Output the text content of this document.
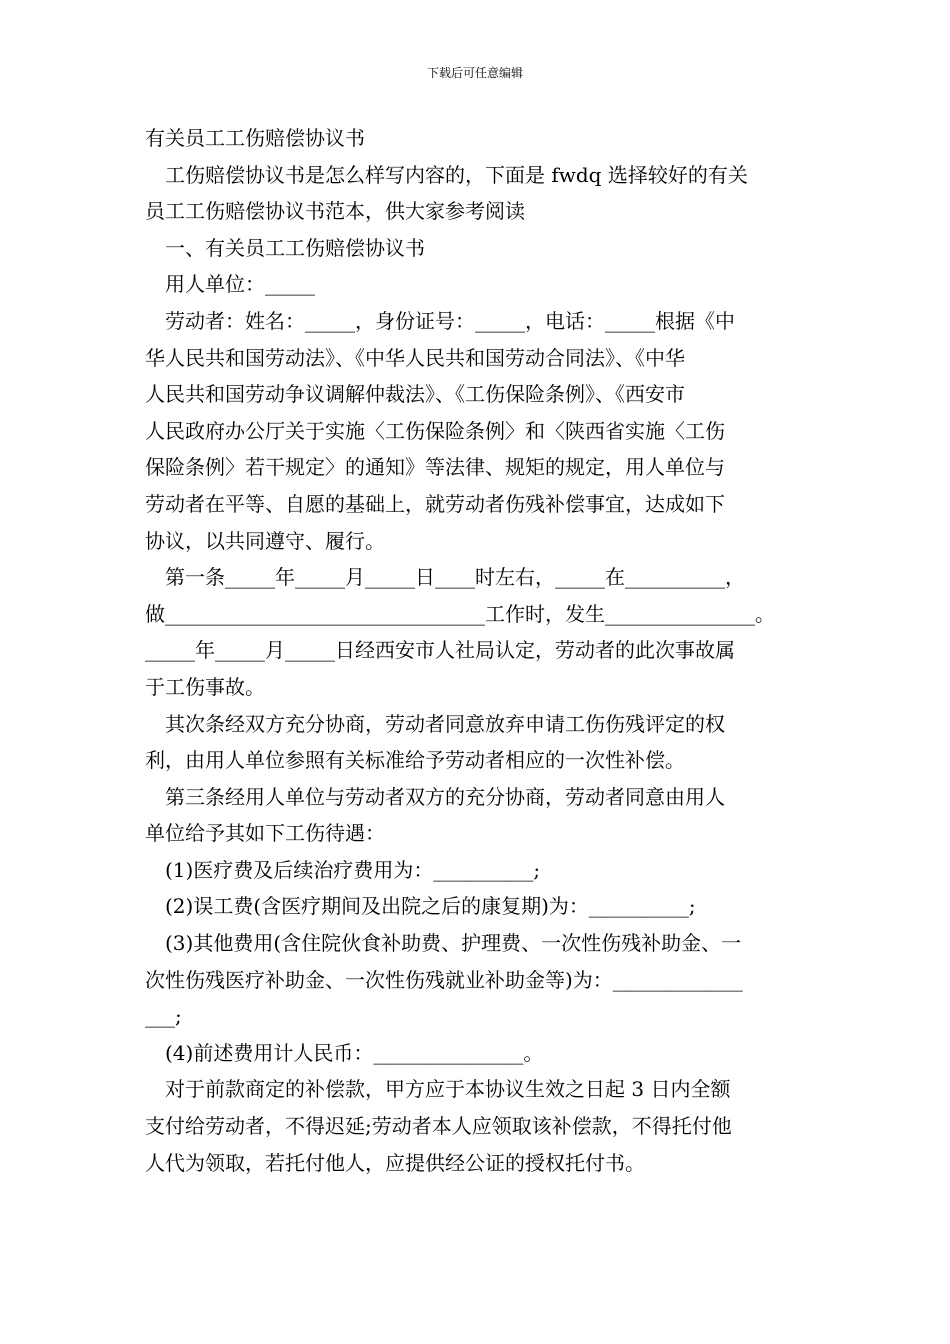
下载后可任意编辑

有关员工工伤赔偿协议书

工伤赔偿协议书是怎么样写内容的，下面是 fwdq 选择较好的有关

员工工伤赔偿协议书范本，供大家参考阅读

一、有关员工工伤赔偿协议书

用人单位：_____

劳动者：姓名：_____，身份证号：_____，电话：_____根据《中

华人民共和国劳动法》、《中华人民共和国劳动合同法》、《中华

人民共和国劳动争议调解仲裁法》、《工伤保险条例》、《西安市

人民政府办公厅关于实施〈工伤保险条例〉和〈陕西省实施〈工伤

保险条例〉若干规定〉的通知》等法律、规矩的规定，用人单位与

劳动者在平等、自愿的基础上，就劳动者伤残补偿事宜，达成如下

协议，以共同遵守、履行。

第一条_____年_____月_____日____时左右，_____在__________，

做________________________________工作时，发生_______________。

_____年_____月_____日经西安市人社局认定，劳动者的此次事故属

于工伤事故。

其次条经双方充分协商，劳动者同意放弃申请工伤伤残评定的权

利，由用人单位参照有关标准给予劳动者相应的一次性补偿。

第三条经用人单位与劳动者双方的充分协商，劳动者同意由用人

单位给予其如下工伤待遇：

(1)医疗费及后续治疗费用为：__________;

(2)误工费(含医疗期间及出院之后的康复期)为：__________;

(3)其他费用(含住院伙食补助费、护理费、一次性伤残补助金、一

次性伤残医疗补助金、一次性伤残就业补助金等)为：_____________

___;

(4)前述费用计人民币：_______________。

对于前款商定的补偿款，甲方应于本协议生效之日起 3 日内全额

支付给劳动者，不得迟延;劳动者本人应领取该补偿款，不得托付他

人代为领取，若托付他人，应提供经公证的授权托付书。
